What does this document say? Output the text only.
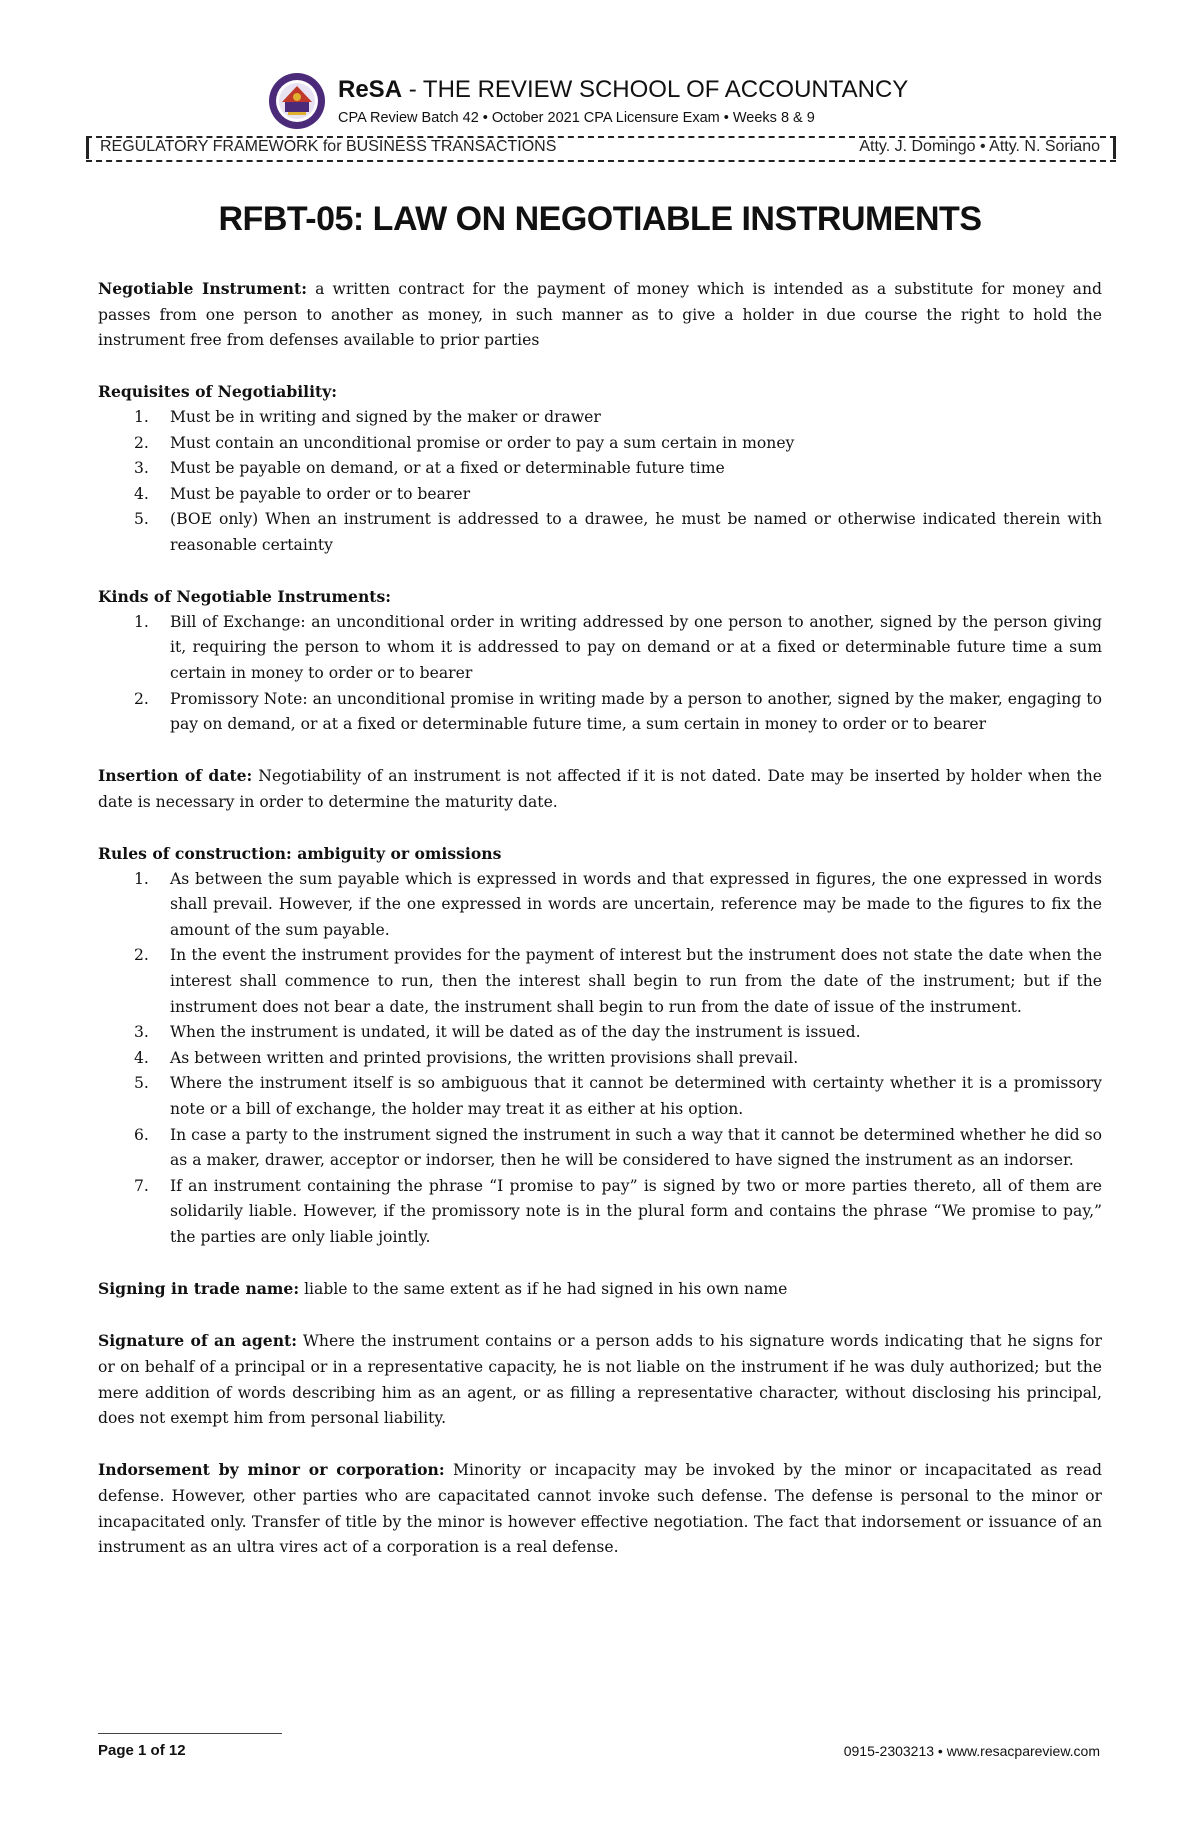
ReSA - THE REVIEW SCHOOL OF ACCOUNTANCY
CPA Review Batch 42 • October 2021 CPA Licensure Exam • Weeks 8 & 9
REGULATORY FRAMEWORK for BUSINESS TRANSACTIONS	Atty. J. Domingo • Atty. N. Soriano
RFBT-05: LAW ON NEGOTIABLE INSTRUMENTS

Negotiable Instrument: a written contract for the payment of money which is intended as a substitute for money and passes from one person to another as money, in such manner as to give a holder in due course the right to hold the instrument free from defenses available to prior parties

Requisites of Negotiability:
1. Must be in writing and signed by the maker or drawer
2. Must contain an unconditional promise or order to pay a sum certain in money
3. Must be payable on demand, or at a fixed or determinable future time
4. Must be payable to order or to bearer
5. (BOE only) When an instrument is addressed to a drawee, he must be named or otherwise indicated therein with reasonable certainty
Kinds of Negotiable Instruments:
1. Bill of Exchange: an unconditional order in writing addressed by one person to another, signed by the person giving it, requiring the person to whom it is addressed to pay on demand or at a fixed or determinable future time a sum certain in money to order or to bearer
2. Promissory Note: an unconditional promise in writing made by a person to another, signed by the maker, engaging to pay on demand, or at a fixed or determinable future time, a sum certain in money to order or to bearer

Insertion of date: Negotiability of an instrument is not affected if it is not dated. Date may be inserted by holder when the date is necessary in order to determine the maturity date.

Rules of construction: ambiguity or omissions
1. As between the sum payable which is expressed in words and that expressed in figures, the one expressed in words shall prevail. However, if the one expressed in words are uncertain, reference may be made to the figures to fix the amount of the sum payable.
2. In the event the instrument provides for the payment of interest but the instrument does not state the date when the interest shall commence to run, then the interest shall begin to run from the date of the instrument; but if the instrument does not bear a date, the instrument shall begin to run from the date of issue of the instrument.
3. When the instrument is undated, it will be dated as of the day the instrument is issued.
4. As between written and printed provisions, the written provisions shall prevail.
5. Where the instrument itself is so ambiguous that it cannot be determined with certainty whether it is a promissory note or a bill of exchange, the holder may treat it as either at his option.
6. In case a party to the instrument signed the instrument in such a way that it cannot be determined whether he did so as a maker, drawer, acceptor or indorser, then he will be considered to have signed the instrument as an indorser.
7. If an instrument containing the phrase “I promise to pay” is signed by two or more parties thereto, all of them are solidarily liable. However, if the promissory note is in the plural form and contains the phrase “We promise to pay,” the parties are only liable jointly.

Signing in trade name: liable to the same extent as if he had signed in his own name

Signature of an agent: Where the instrument contains or a person adds to his signature words indicating that he signs for or on behalf of a principal or in a representative capacity, he is not liable on the instrument if he was duly authorized; but the mere addition of words describing him as an agent, or as filling a representative character, without disclosing his principal, does not exempt him from personal liability.

Indorsement by minor or corporation: Minority or incapacity may be invoked by the minor or incapacitated as read defense. However, other parties who are capacitated cannot invoke such defense. The defense is personal to the minor or incapacitated only. Transfer of title by the minor is however effective negotiation. The fact that indorsement or issuance of an instrument as an ultra vires act of a corporation is a real defense.

Page 1 of 12	0915-2303213 • www.resacpareview.com
